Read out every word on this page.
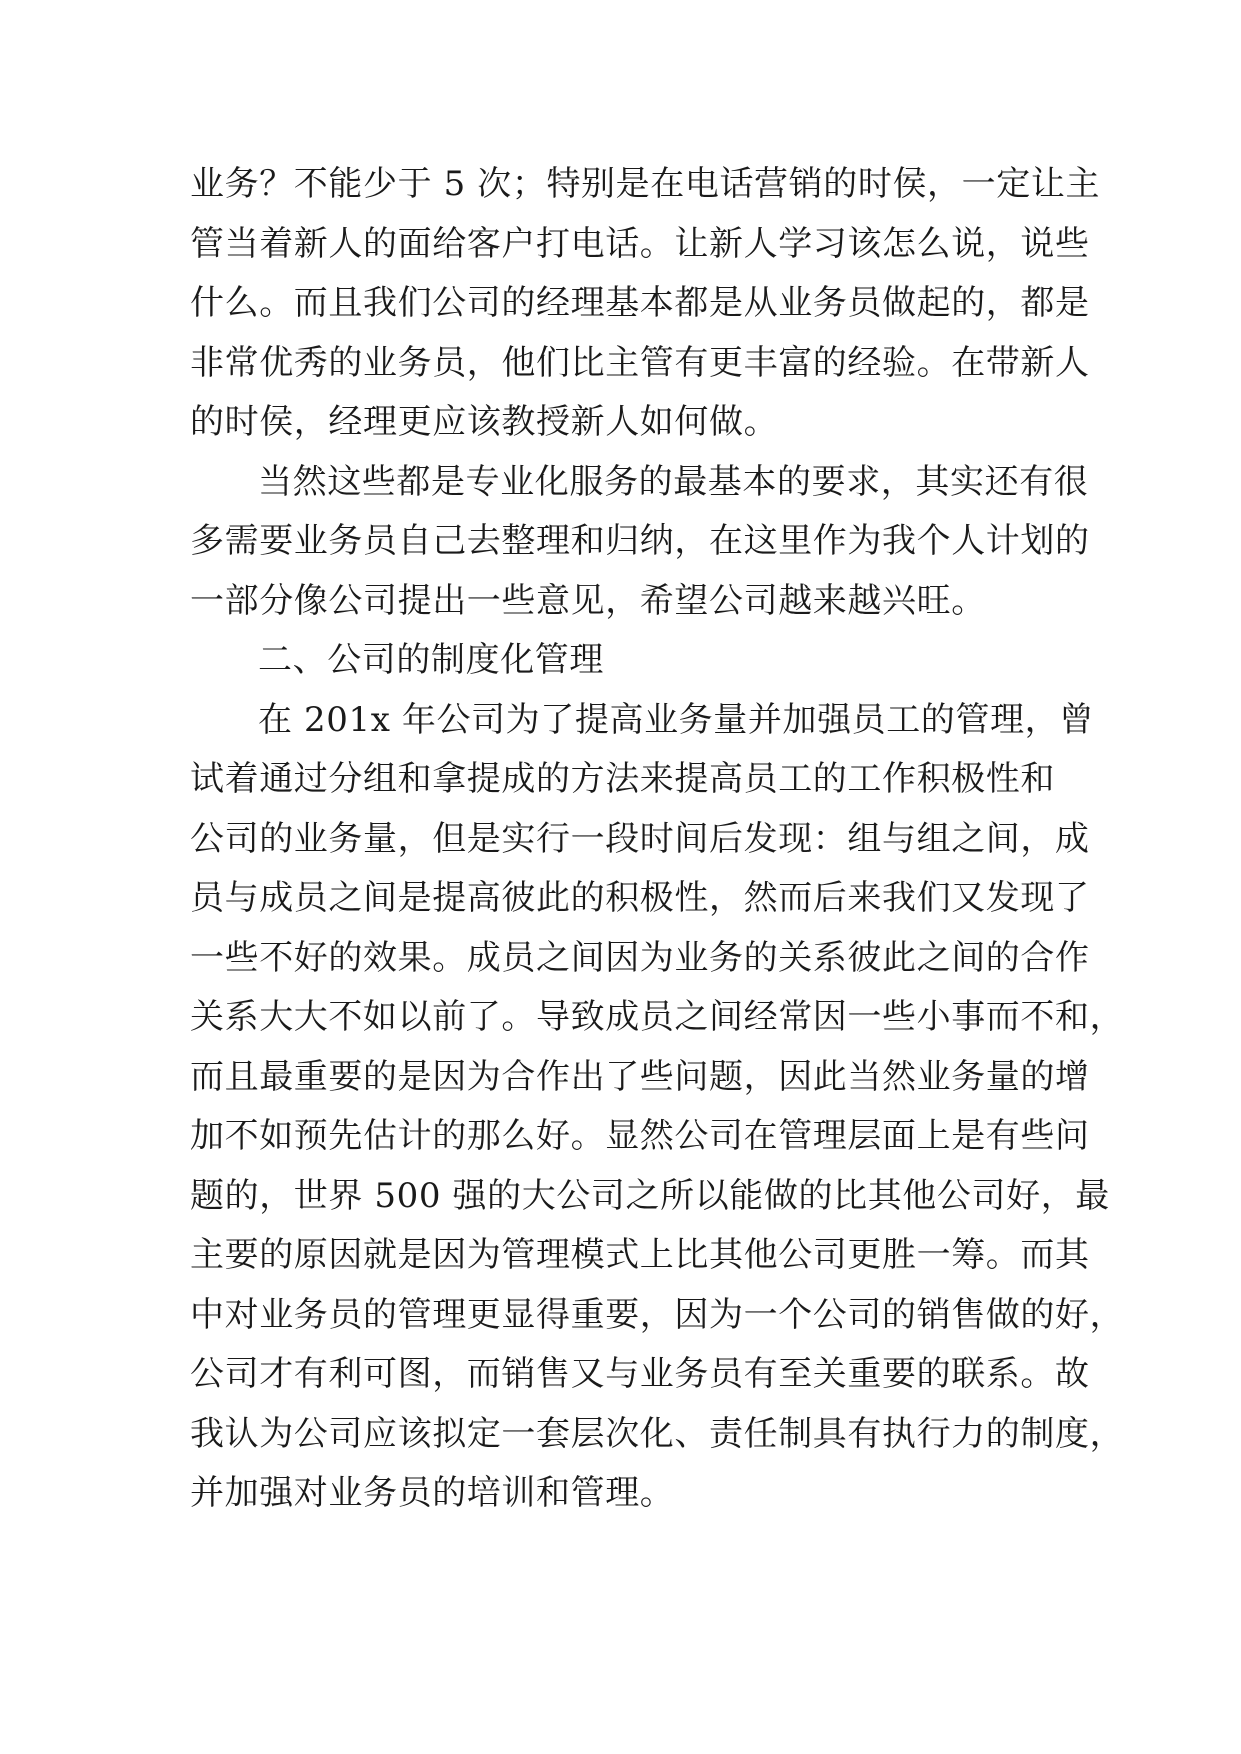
业务？不能少于 5 次；特别是在电话营销的时侯，一定让主
管当着新人的面给客户打电话。让新人学习该怎么说，说些
什么。而且我们公司的经理基本都是从业务员做起的，都是
非常优秀的业务员，他们比主管有更丰富的经验。在带新人
的时侯，经理更应该教授新人如何做。
当然这些都是专业化服务的最基本的要求，其实还有很
多需要业务员自己去整理和归纳，在这里作为我个人计划的
一部分像公司提出一些意见，希望公司越来越兴旺。
二、公司的制度化管理
在 201x 年公司为了提高业务量并加强员工的管理，曾
试着通过分组和拿提成的方法来提高员工的工作积极性和
公司的业务量，但是实行一段时间后发现：组与组之间，成
员与成员之间是提高彼此的积极性，然而后来我们又发现了
一些不好的效果。成员之间因为业务的关系彼此之间的合作
关系大大不如以前了。导致成员之间经常因一些小事而不和，
而且最重要的是因为合作出了些问题，因此当然业务量的增
加不如预先估计的那么好。显然公司在管理层面上是有些问
题的，世界 500 强的大公司之所以能做的比其他公司好，最
主要的原因就是因为管理模式上比其他公司更胜一筹。而其
中对业务员的管理更显得重要，因为一个公司的销售做的好，
公司才有利可图，而销售又与业务员有至关重要的联系。故
我认为公司应该拟定一套层次化、责任制具有执行力的制度，
并加强对业务员的培训和管理。
